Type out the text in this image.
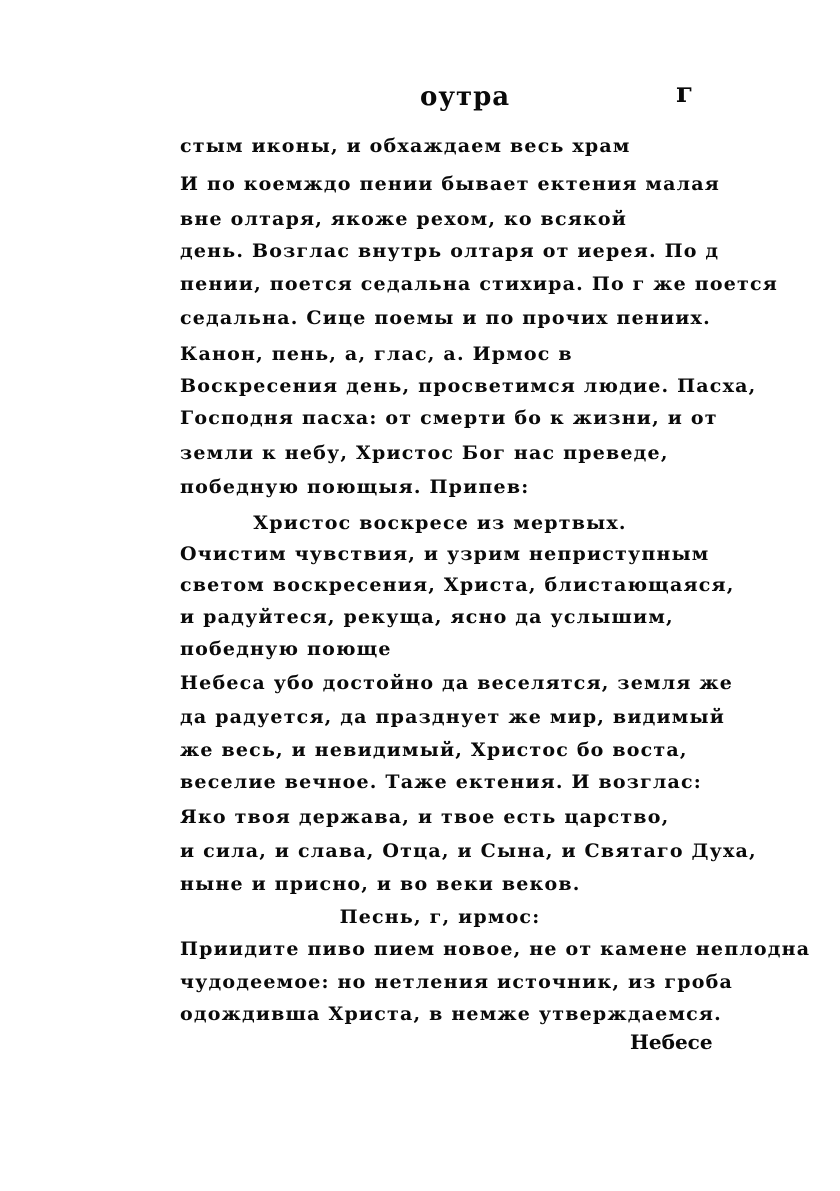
оутра	г
стым иконы, и обхаждаем весь храм
И по коемждо пении бывает ектения малая
вне олтаря, якоже рехом, ко всякой
день. Возглас внутрь олтаря от иерея. По д
пении, поется седальна стихира. По г же поется
седальна. Сице поемы и по прочих пениих.
Канон, пень, а, глас, а. Ирмос в
Воскресения день, просветимся людие. Пасха,
Господня пасха: от смерти бо к жизни, и от
земли к небу, Христос Бог нас преведе,
победную поющыя. Припев:
Христос воскресе из мертвых.
Очистим чувствия, и узрим неприступным
светом воскресения, Христа, блистающаяся,
и радуйтеся, рекуща, ясно да услышим,
победную поюще
Небеса убо достойно да веселятся, земля же
да радуется, да празднует же мир, видимый
же весь, и невидимый, Христос бо воста,
веселие вечное. Таже ектения. И возглас:
Яко твоя держава, и твое есть царство,
и сила, и слава, Отца, и Сына, и Святаго Духа,
ныне и присно, и во веки веков.
Песнь, г, ирмос:
Приидите пиво пием новое, не от камене неплодна
чудодеемое: но нетления источник, из гроба
одождивша Христа, в немже утверждаемся.
Небесе
